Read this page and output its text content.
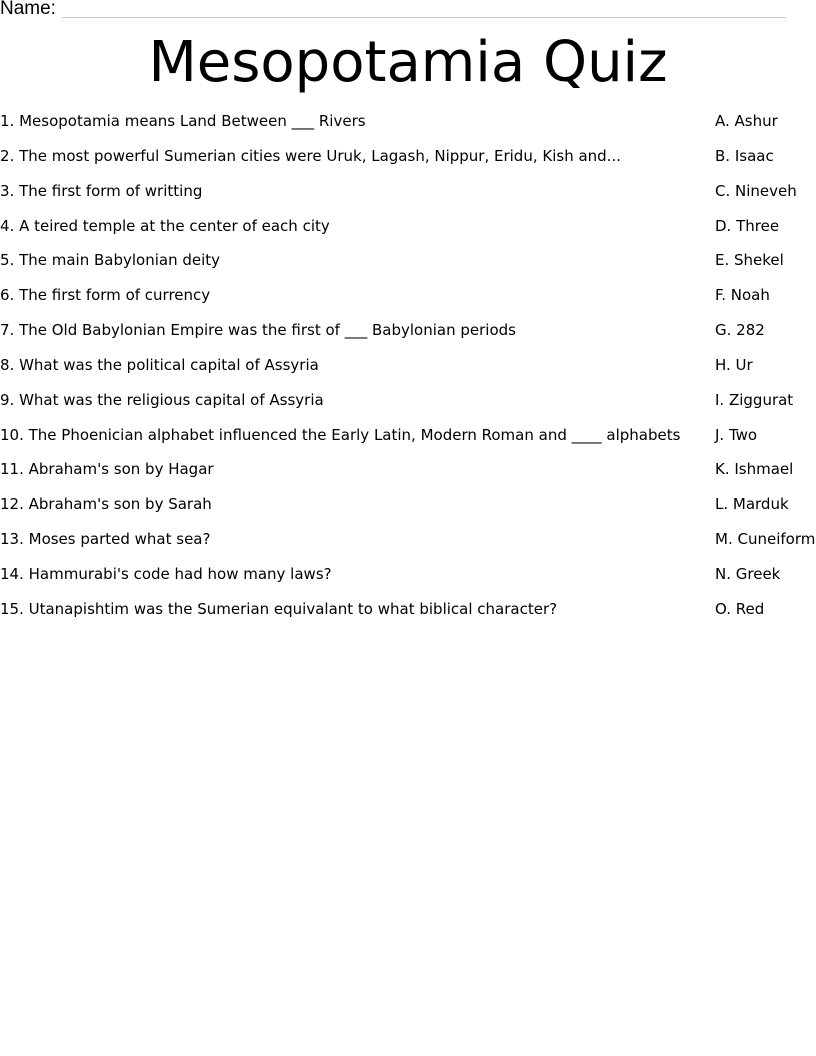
Name:
Mesopotamia Quiz
1. Mesopotamia means Land Between ___ Rivers	A. Ashur
2. The most powerful Sumerian cities were Uruk, Lagash, Nippur, Eridu, Kish and...	B. Isaac
3. The first form of writting	C. Nineveh
4. A teired temple at the center of each city	D. Three
5. The main Babylonian deity	E. Shekel
6. The first form of currency	F. Noah
7. The Old Babylonian Empire was the first of ___ Babylonian periods	G. 282
8. What was the political capital of Assyria	H. Ur
9. What was the religious capital of Assyria	I. Ziggurat
10. The Phoenician alphabet influenced the Early Latin, Modern Roman and ____ alphabets J. Two
11. Abraham's son by Hagar	K. Ishmael
12. Abraham's son by Sarah	L. Marduk
13. Moses parted what sea?	M. Cuneiform
14. Hammurabi's code had how many laws?	N. Greek
15. Utanapishtim was the Sumerian equivalant to what biblical character?	O. Red
